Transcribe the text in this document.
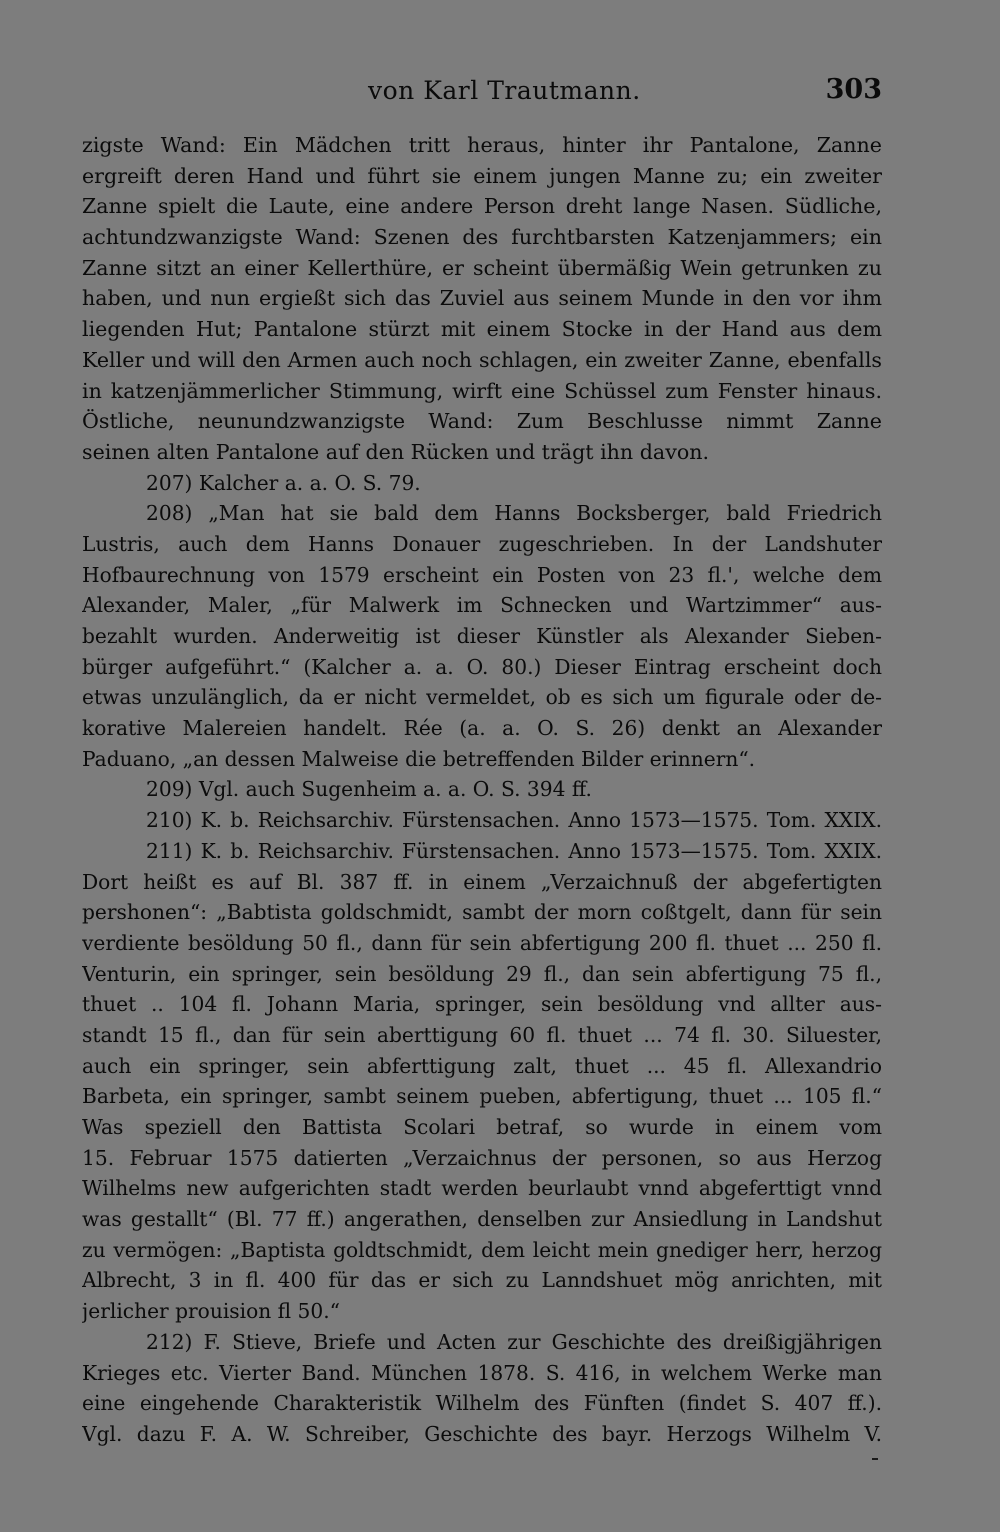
von Karl Trautmann.	303
zigste Wand: Ein Mädchen tritt heraus, hinter ihr Pantalone, Zanne
ergreift deren Hand und führt sie einem jungen Manne zu; ein zweiter
Zanne spielt die Laute, eine andere Person dreht lange Nasen. Südliche,
achtundzwanzigste Wand: Szenen des furchtbarsten Katzenjammers; ein
Zanne sitzt an einer Kellerthüre, er scheint übermäßig Wein getrunken zu
haben, und nun ergießt sich das Zuviel aus seinem Munde in den vor ihm
liegenden Hut; Pantalone stürzt mit einem Stocke in der Hand aus dem
Keller und will den Armen auch noch schlagen, ein zweiter Zanne, ebenfalls
in katzenjämmerlicher Stimmung, wirft eine Schüssel zum Fenster hinaus.
Östliche, neunundzwanzigste Wand: Zum Beschlusse nimmt Zanne
seinen alten Pantalone auf den Rücken und trägt ihn davon.
207) Kalcher a. a. O. S. 79.
208) „Man hat sie bald dem Hanns Bocksberger, bald Friedrich
Lustris, auch dem Hanns Donauer zugeschrieben. In der Landshuter
Hofbaurechnung von 1579 erscheint ein Posten von 23 fl.', welche dem
Alexander, Maler, „für Malwerk im Schnecken und Wartzimmer“ aus-
bezahlt wurden. Anderweitig ist dieser Künstler als Alexander Sieben-
bürger aufgeführt.“ (Kalcher a. a. O. 80.) Dieser Eintrag erscheint doch
etwas unzulänglich, da er nicht vermeldet, ob es sich um figurale oder de-
korative Malereien handelt. Rée (a. a. O. S. 26) denkt an Alexander
Paduano, „an dessen Malweise die betreffenden Bilder erinnern“.
209) Vgl. auch Sugenheim a. a. O. S. 394 ff.
210) K. b. Reichsarchiv. Fürstensachen. Anno 1573—1575. Tom. XXIX.
211) K. b. Reichsarchiv. Fürstensachen. Anno 1573—1575. Tom. XXIX.
Dort heißt es auf Bl. 387 ff. in einem „Verzaichnuß der abgefertigten
pershonen“: „Babtista goldschmidt, sambt der morn coßtgelt, dann für sein
verdiente besöldung 50 fl., dann für sein abfertigung 200 fl. thuet ... 250 fl.
Venturin, ein springer, sein besöldung 29 fl., dan sein abfertigung 75 fl.,
thuet .. 104 fl. Johann Maria, springer, sein besöldung vnd allter aus-
standt 15 fl., dan für sein aberttigung 60 fl. thuet ... 74 fl. 30. Siluester,
auch ein springer, sein abferttigung zalt, thuet ... 45 fl. Allexandrio
Barbeta, ein springer, sambt seinem pueben, abfertigung, thuet ... 105 fl.“
Was speziell den Battista Scolari betraf, so wurde in einem vom
15. Februar 1575 datierten „Verzaichnus der personen, so aus Herzog
Wilhelms new aufgerichten stadt werden beurlaubt vnnd abgeferttigt vnnd
was gestallt“ (Bl. 77 ff.) angerathen, denselben zur Ansiedlung in Landshut
zu vermögen: „Baptista goldtschmidt, dem leicht mein gnediger herr, herzog
Albrecht, 3 in fl. 400 für das er sich zu Lanndshuet mög anrichten, mit
jerlicher prouision fl 50.“
212) F. Stieve, Briefe und Acten zur Geschichte des dreißigjährigen
Krieges etc. Vierter Band. München 1878. S. 416, in welchem Werke man
eine eingehende Charakteristik Wilhelm des Fünften (findet S. 407 ff.).
Vgl. dazu F. A. W. Schreiber, Geschichte des bayr. Herzogs Wilhelm V.
